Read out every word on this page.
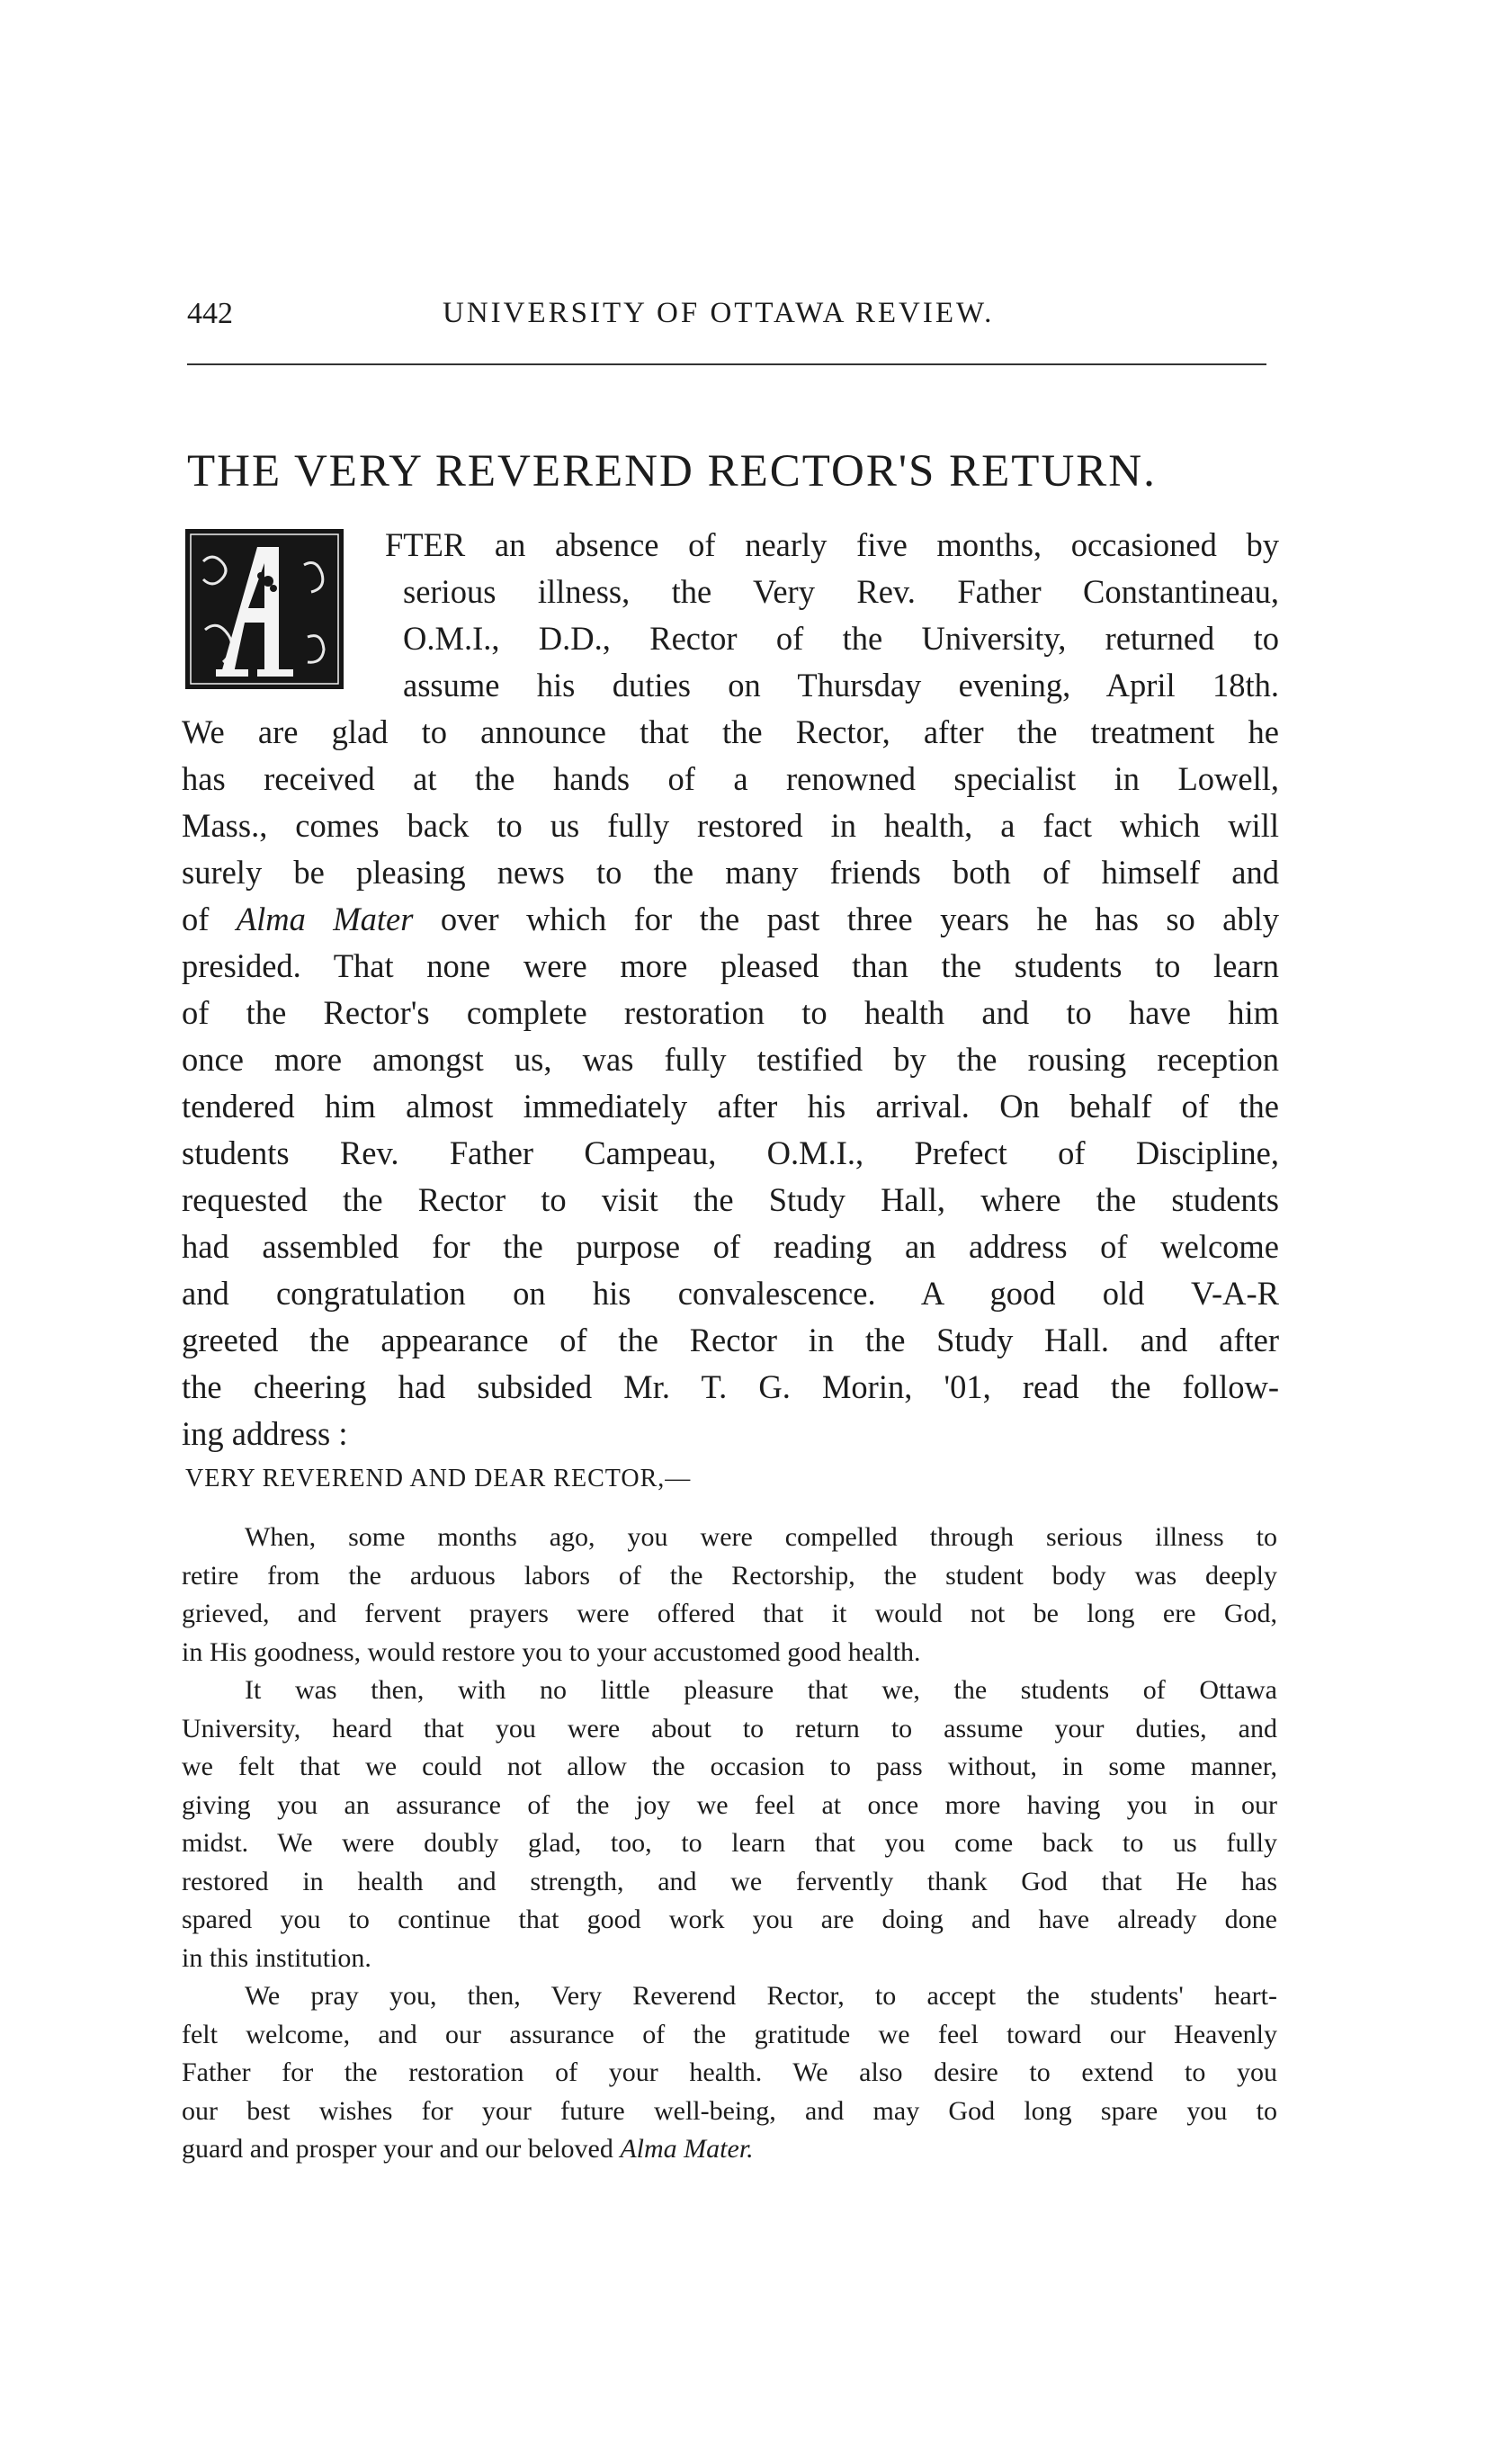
442	UNIVERSITY OF OTTAWA REVIEW.
THE VERY REVEREND RECTOR'S RETURN.
FTER an absence of nearly five months, occasioned by
serious illness, the Very Rev. Father Constantineau,
O.M.I., D.D., Rector of the University, returned to
assume his duties on Thursday evening, April 18th.
We are glad to announce that the Rector, after the treatment he
has received at the hands of a renowned specialist in Lowell,
Mass., comes back to us fully restored in health, a fact which will
surely be pleasing news to the many friends both of himself and
of Alma Mater over which for the past three years he has so ably
presided. That none were more pleased than the students to learn
of the Rector's complete restoration to health and to have him
once more amongst us, was fully testified by the rousing reception
tendered him almost immediately after his arrival. On behalf of the
students Rev. Father Campeau, O.M.I., Prefect of Discipline,
requested the Rector to visit the Study Hall, where the students
had assembled for the purpose of reading an address of welcome
and congratulation on his convalescence. A good old V-A-R
greeted the appearance of the Rector in the Study Hall. and after
the cheering had subsided Mr. T. G. Morin, '01, read the follow-
ing address :
VERY REVEREND AND DEAR RECTOR,—
When, some months ago, you were compelled through serious illness to
retire from the arduous labors of the Rectorship, the student body was deeply
grieved, and fervent prayers were offered that it would not be long ere God,
in His goodness, would restore you to your accustomed good health.
It was then, with no little pleasure that we, the students of Ottawa
University, heard that you were about to return to assume your duties, and
we felt that we could not allow the occasion to pass without, in some manner,
giving you an assurance of the joy we feel at once more having you in our
midst. We were doubly glad, too, to learn that you come back to us fully
restored in health and strength, and we fervently thank God that He has
spared you to continue that good work you are doing and have already done
in this institution.
We pray you, then, Very Reverend Rector, to accept the students' heart-
felt welcome, and our assurance of the gratitude we feel toward our Heavenly
Father for the restoration of your health. We also desire to extend to you
our best wishes for your future well-being, and may God long spare you to
guard and prosper your and our beloved Alma Mater.
